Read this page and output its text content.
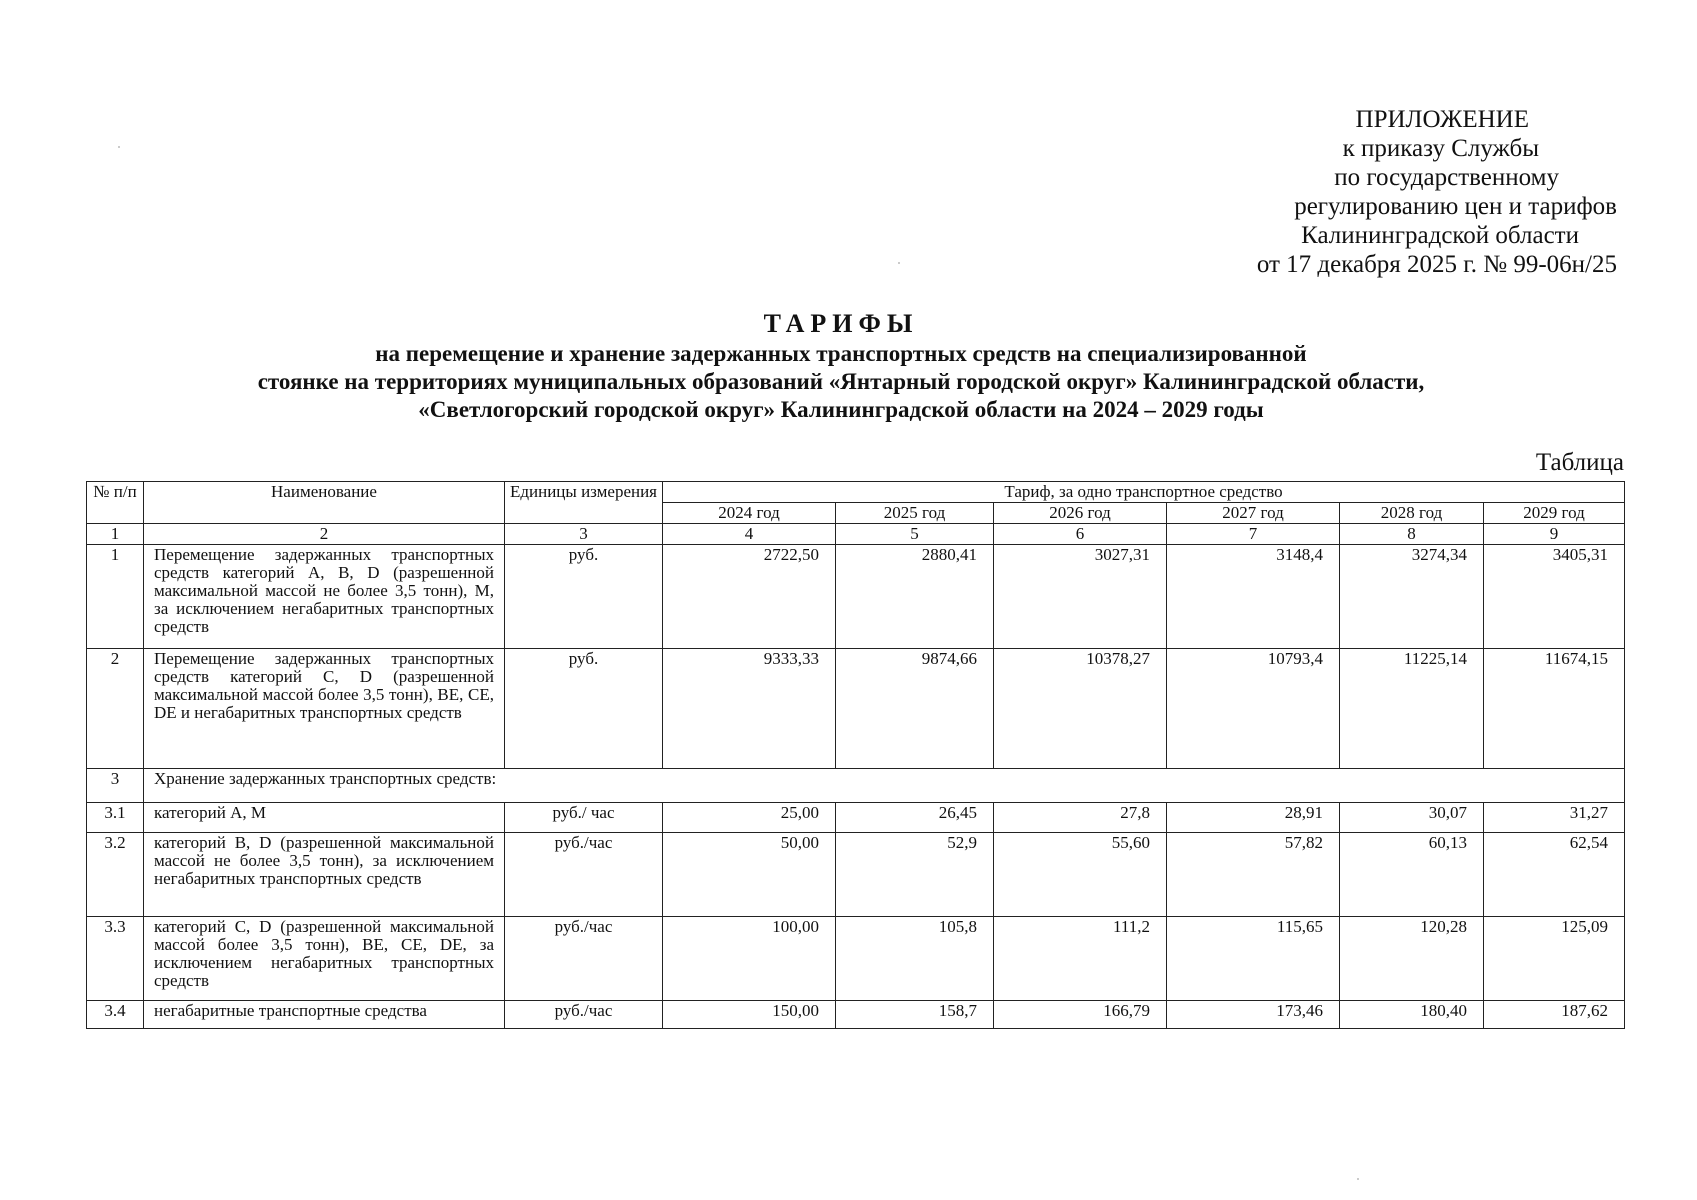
ПРИЛОЖЕНИЕ
к приказу Службы
по государственному
регулированию цен и тарифов
Калининградской области
от 17 декабря 2025 г. № 99-06н/25
ТАРИФЫ
на перемещение и хранение задержанных транспортных средств на специализированной
стоянке на территориях муниципальных образований «Янтарный городской округ» Калининградской области,
«Светлогорский городской округ» Калининградской области на 2024 – 2029 годы
Таблица
№ п/п	Наименование	Единицы измерения	Тариф, за одно транспортное средство					
			2024 год	2025 год	2026 год	2027 год	2028 год	2029 год
1	2	3	4	5	6	7	8	9
1	Перемещение задержанных транспортных средств категорий А, В, D (разрешенной максимальной массой не более 3,5 тонн), М, за исключением негабаритных транспортных средств	руб.	2722,50	2880,41	3027,31	3148,4	3274,34	3405,31
2	Перемещение задержанных транспортных средств категорий С, D (разрешенной максимальной массой более 3,5 тонн), BE, CE, DE и негабаритных транспортных средств	руб.	9333,33	9874,66	10378,27	10793,4	11225,14	11674,15
3	Хранение задержанных транспортных средств:							
3.1	категорий А, М	руб./ час	25,00	26,45	27,8	28,91	30,07	31,27
3.2	категорий В, D (разрешенной максимальной массой не более 3,5 тонн), за исключением негабаритных транспортных средств	руб./час	50,00	52,9	55,60	57,82	60,13	62,54
3.3	категорий С, D (разрешенной максимальной массой более 3,5 тонн), BE, CE, DE, за исключением негабаритных транспортных средств	руб./час	100,00	105,8	111,2	115,65	120,28	125,09
3.4	негабаритные транспортные средства	руб./час	150,00	158,7	166,79	173,46	180,40	187,62
